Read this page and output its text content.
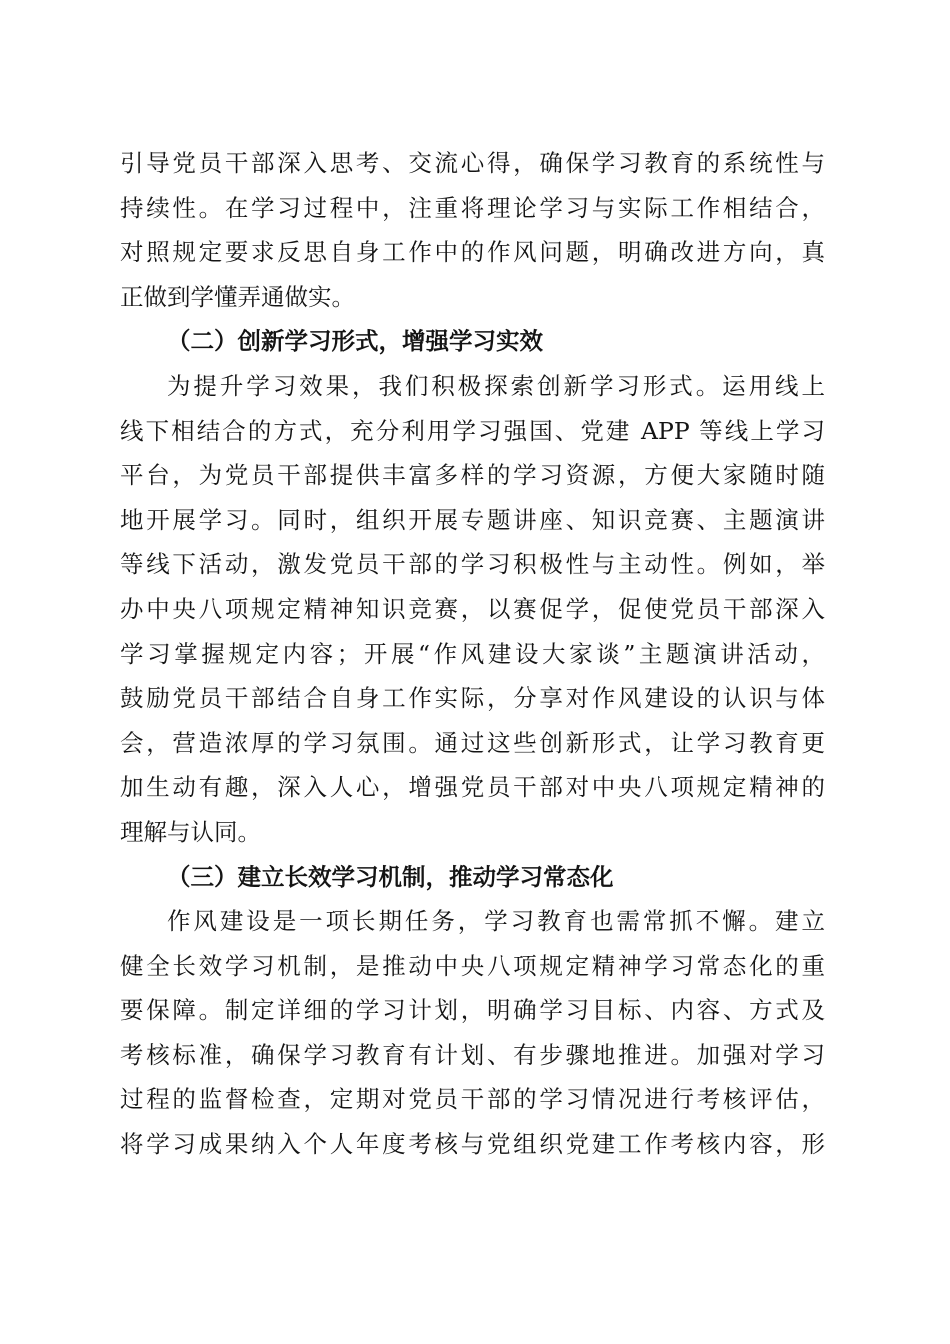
引导党员干部深入思考、交流心得，确保学习教育的系统性与
持续性。在学习过程中，注重将理论学习与实际工作相结合，
对照规定要求反思自身工作中的作风问题，明确改进方向，真
正做到学懂弄通做实。
（二）创新学习形式，增强学习实效
为提升学习效果，我们积极探索创新学习形式。运用线上
线下相结合的方式，充分利用学习强国、党建 APP 等线上学习
平台，为党员干部提供丰富多样的学习资源，方便大家随时随
地开展学习。同时，组织开展专题讲座、知识竞赛、主题演讲
等线下活动，激发党员干部的学习积极性与主动性。例如，举
办中央八项规定精神知识竞赛，以赛促学，促使党员干部深入
学习掌握规定内容；开展“作风建设大家谈”主题演讲活动，
鼓励党员干部结合自身工作实际，分享对作风建设的认识与体
会，营造浓厚的学习氛围。通过这些创新形式，让学习教育更
加生动有趣，深入人心，增强党员干部对中央八项规定精神的
理解与认同。
（三）建立长效学习机制，推动学习常态化
作风建设是一项长期任务，学习教育也需常抓不懈。建立
健全长效学习机制，是推动中央八项规定精神学习常态化的重
要保障。制定详细的学习计划，明确学习目标、内容、方式及
考核标准，确保学习教育有计划、有步骤地推进。加强对学习
过程的监督检查，定期对党员干部的学习情况进行考核评估，
将学习成果纳入个人年度考核与党组织党建工作考核内容，形
